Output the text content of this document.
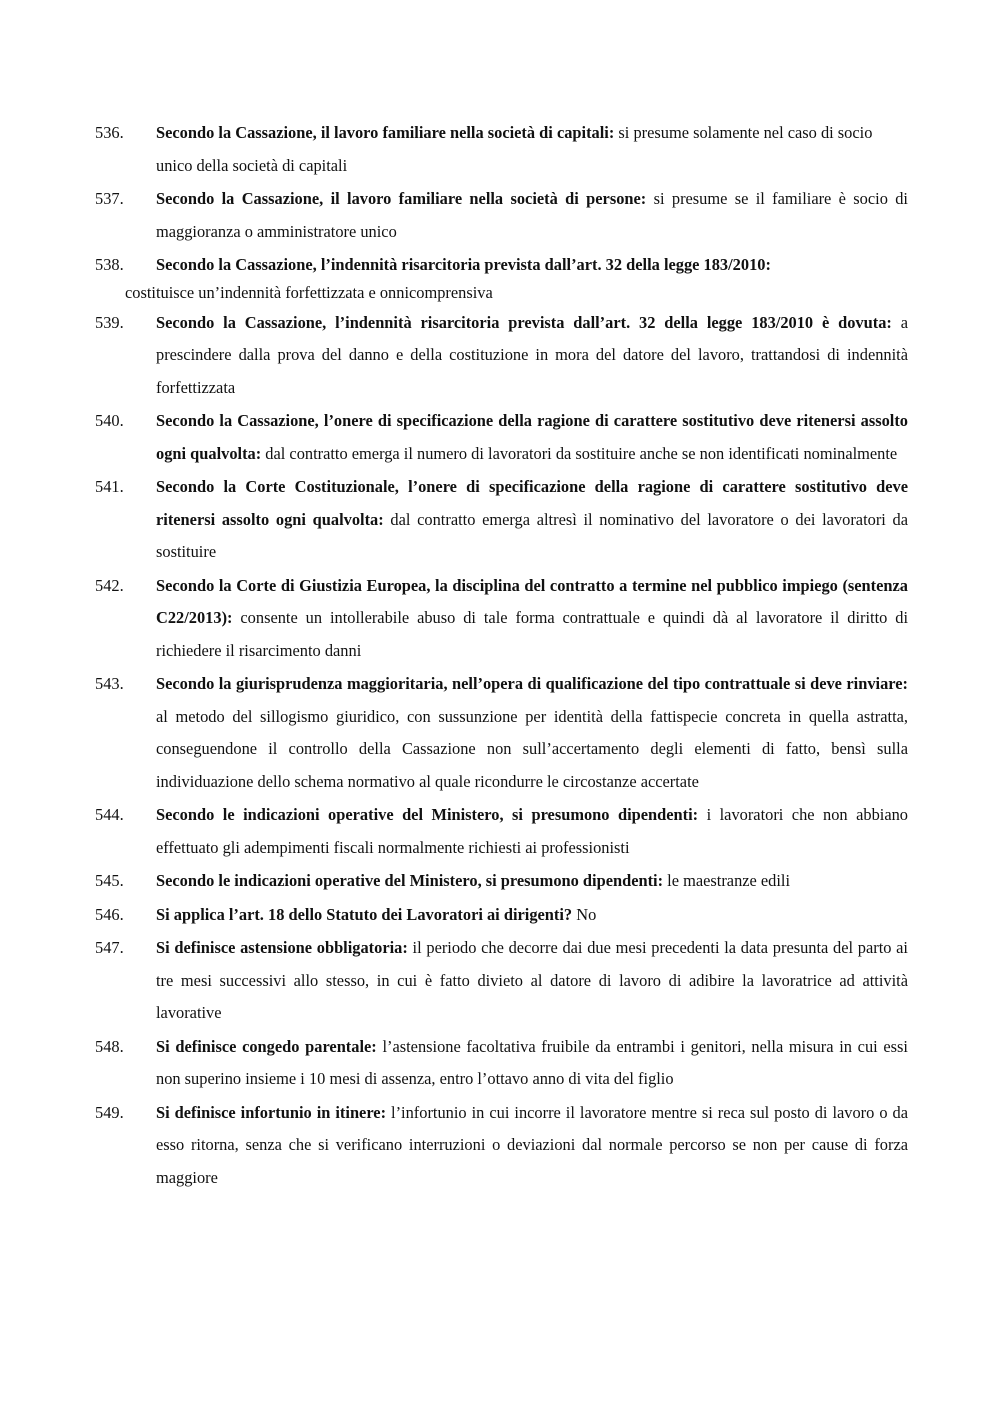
536.	Secondo la Cassazione, il lavoro familiare nella società di capitali: si presume solamente nel caso di socio unico della società di capitali
537.	Secondo la Cassazione, il lavoro familiare nella società di persone: si presume se il familiare è socio di maggioranza o amministratore unico
538.	Secondo la Cassazione, l’indennità risarcitoria prevista dall’art. 32 della legge 183/2010:
costituisce un’indennità forfettizzata e onnicomprensiva
539.	Secondo la Cassazione, l’indennità risarcitoria prevista dall’art. 32 della legge 183/2010 è dovuta: a prescindere dalla prova del danno e della costituzione in mora del datore del lavoro, trattandosi di indennità forfettizzata
540.	Secondo la Cassazione, l’onere di specificazione della ragione di carattere sostitutivo deve ritenersi assolto ogni qualvolta: dal contratto emerga il numero di lavoratori da sostituire anche se non identificati nominalmente
541.	Secondo la Corte Costituzionale, l’onere di specificazione della ragione di carattere sostitutivo deve ritenersi assolto ogni qualvolta: dal contratto emerga altresì il nominativo del lavoratore o dei lavoratori da sostituire
542.	Secondo la Corte di Giustizia Europea, la disciplina del contratto a termine nel pubblico impiego (sentenza C22/2013): consente un intollerabile abuso di tale forma contrattuale e quindi dà al lavoratore il diritto di richiedere il risarcimento danni
543.	Secondo la giurisprudenza maggioritaria, nell’opera di qualificazione del tipo contrattuale si deve rinviare: al metodo del sillogismo giuridico, con sussunzione per identità della fattispecie concreta in quella astratta, conseguendone il controllo della Cassazione non sull’accertamento degli elementi di fatto, bensì sulla individuazione dello schema normativo al quale ricondurre le circostanze accertate
544.	Secondo le indicazioni operative del Ministero, si presumono dipendenti: i lavoratori che non abbiano effettuato gli adempimenti fiscali normalmente richiesti ai professionisti
545.	Secondo le indicazioni operative del Ministero, si presumono dipendenti: le maestranze edili
546.	Si applica l’art. 18 dello Statuto dei Lavoratori ai dirigenti? No
547.	Si definisce astensione obbligatoria: il periodo che decorre dai due mesi precedenti la data presunta del parto ai tre mesi successivi allo stesso, in cui è fatto divieto al datore di lavoro di adibire la lavoratrice ad attività lavorative
548.	Si definisce congedo parentale: l’astensione facoltativa fruibile da entrambi i genitori, nella misura in cui essi non superino insieme i 10 mesi di assenza, entro l’ottavo anno di vita del figlio
549.	Si definisce infortunio in itinere: l’infortunio in cui incorre il lavoratore mentre si reca sul posto di lavoro o da esso ritorna, senza che si verificano interruzioni o deviazioni dal normale percorso se non per cause di forza maggiore
